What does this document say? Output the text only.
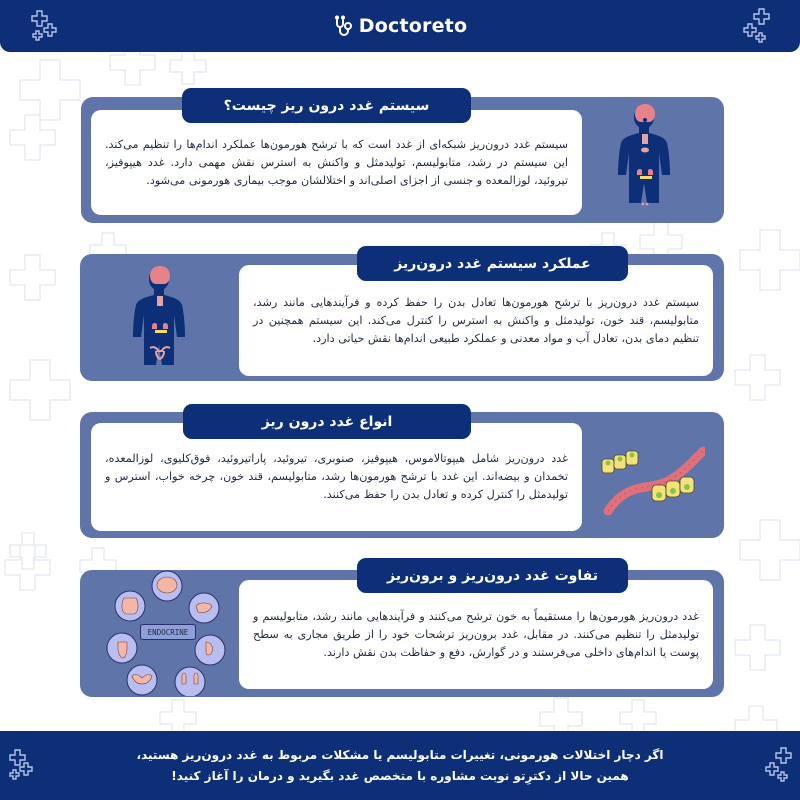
Doctoreto

سیستم غدد درون‌ریز شبکه‌ای از غدد است که با ترشح هورمون‌ها عملکرد اندام‌ها را تنظیم می‌کند. این سیستم در رشد، متابولیسم، تولیدمثل و واکنش به استرس نقش مهمی دارد. غدد هیپوفیز، تیروئید، لوزالمعده و جنسی از اجزای اصلی‌اند و اختلالشان موجب بیماری هورمونی می‌شود.

سیستم غدد درون ریز چیست؟

سیستم غدد درون‌ریز با ترشح هورمون‌ها تعادل بدن را حفظ کرده و فرآیندهایی مانند رشد، متابولیسم، قند خون، تولیدمثل و واکنش به استرس را کنترل می‌کند. این سیستم همچنین در تنظیم دمای بدن، تعادل آب و مواد معدنی و عملکرد طبیعی اندام‌ها نقش حیاتی دارد.

عملکرد سیستم غدد درون‌ریز

غدد درون‌ریز شامل هیپوتالاموس، هیپوفیز، صنوبری، تیروئید، پاراتیروئید، فوق‌کلیوی، لوزالمعده، تخمدان و بیضه‌اند. این غدد با ترشح هورمون‌ها رشد، متابولیسم، قند خون، چرخه خواب، استرس و تولیدمثل را کنترل کرده و تعادل بدن را حفظ می‌کنند.

انواع غدد درون ریز

غدد درون‌ریز هورمون‌ها را مستقیماً به خون ترشح می‌کنند و فرآیندهایی مانند رشد، متابولیسم و تولیدمثل را تنظیم می‌کنند. در مقابل، غدد برون‌ریز ترشحات خود را از طریق مجاری به سطح پوست یا اندام‌های داخلی می‌فرستند و در گوارش، دفع و حفاظت بدن نقش دارند.

تفاوت غدد درون‌ریز و برون‌ریز
ENDOCRINE
اگر دچار اختلالات هورمونی، تغییرات متابولیسم یا مشکلات مربوط به غدد درون‌ریز هستید،
همین حالا از دکترِتو نوبت مشاوره با متخصص غدد بگیرید و درمان را آغاز کنید!
